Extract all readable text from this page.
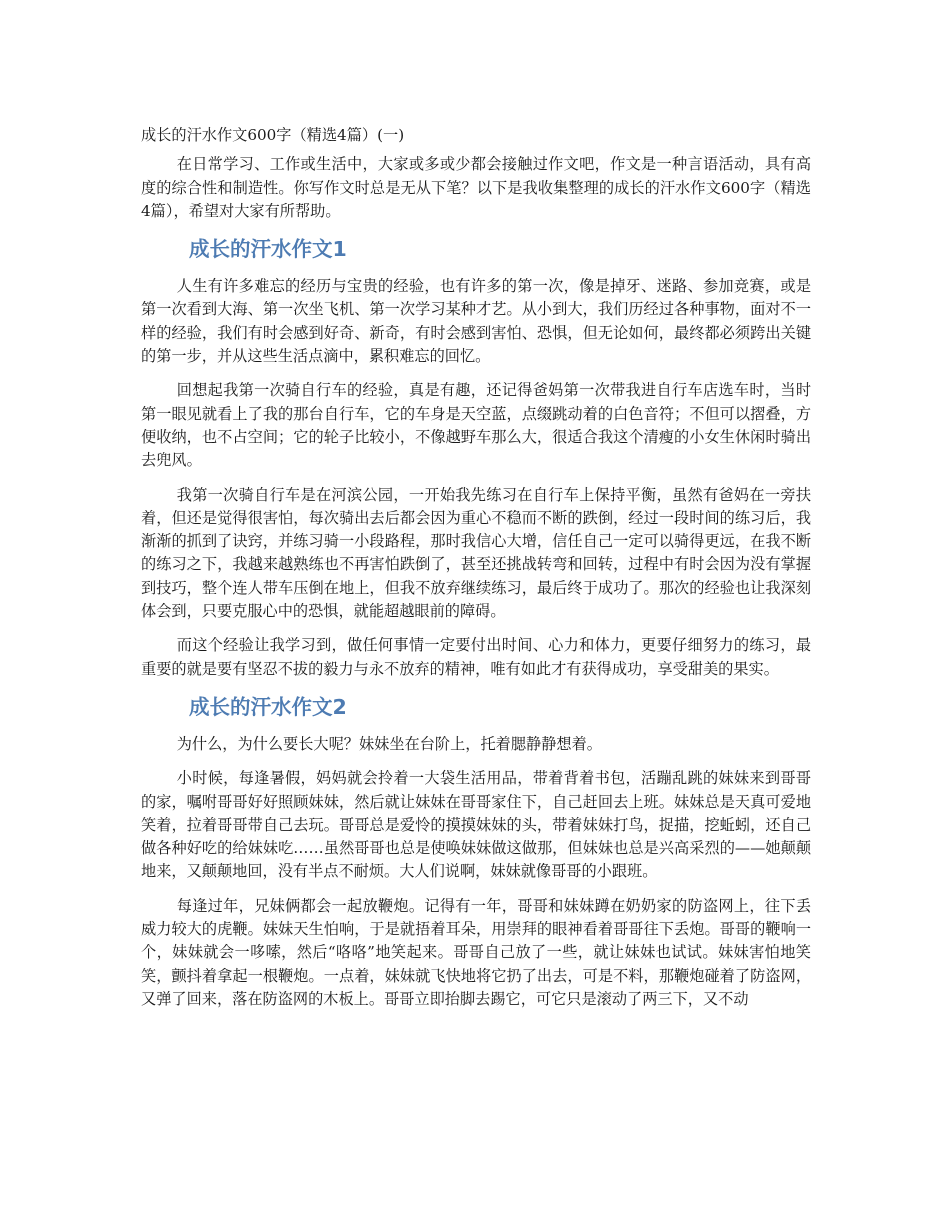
成长的汗水作文600字（精选4篇）(一)

在日常学习、工作或生活中，大家或多或少都会接触过作文吧，作文是一种言语活动，具有高度的综合性和制造性。你写作文时总是无从下笔？以下是我收集整理的成长的汗水作文600字（精选4篇），希望对大家有所帮助。

成长的汗水作文1

人生有许多难忘的经历与宝贵的经验，也有许多的第一次，像是掉牙、迷路、参加竞赛，或是第一次看到大海、第一次坐飞机、第一次学习某种才艺。从小到大，我们历经过各种事物，面对不一样的经验，我们有时会感到好奇、新奇，有时会感到害怕、恐惧，但无论如何，最终都必须跨出关键的第一步，并从这些生活点滴中，累积难忘的回忆。

回想起我第一次骑自行车的经验，真是有趣，还记得爸妈第一次带我进自行车店选车时，当时第一眼见就看上了我的那台自行车，它的车身是天空蓝，点缀跳动着的白色音符；不但可以摺叠，方便收纳，也不占空间；它的轮子比较小，不像越野车那么大，很适合我这个清瘦的小女生休闲时骑出去兜风。

我第一次骑自行车是在河滨公园，一开始我先练习在自行车上保持平衡，虽然有爸妈在一旁扶着，但还是觉得很害怕，每次骑出去后都会因为重心不稳而不断的跌倒，经过一段时间的练习后，我渐渐的抓到了诀窍，并练习骑一小段路程，那时我信心大增，信任自己一定可以骑得更远，在我不断的练习之下，我越来越熟练也不再害怕跌倒了，甚至还挑战转弯和回转，过程中有时会因为没有掌握到技巧，整个连人带车压倒在地上，但我不放弃继续练习，最后终于成功了。那次的经验也让我深刻体会到，只要克服心中的恐惧，就能超越眼前的障碍。

而这个经验让我学习到，做任何事情一定要付出时间、心力和体力，更要仔细努力的练习，最重要的就是要有坚忍不拔的毅力与永不放弃的精神，唯有如此才有获得成功，享受甜美的果实。

成长的汗水作文2

为什么，为什么要长大呢？妹妹坐在台阶上，托着腮静静想着。

小时候，每逢暑假，妈妈就会拎着一大袋生活用品，带着背着书包，活蹦乱跳的妹妹来到哥哥的家，嘱咐哥哥好好照顾妹妹，然后就让妹妹在哥哥家住下，自己赶回去上班。妹妹总是天真可爱地笑着，拉着哥哥带自己去玩。哥哥总是爱怜的摸摸妹妹的头，带着妹妹打鸟，捉描，挖蚯蚓，还自己做各种好吃的给妹妹吃……虽然哥哥也总是使唤妹妹做这做那，但妹妹也总是兴高采烈的——她颠颠地来，又颠颠地回，没有半点不耐烦。大人们说啊，妹妹就像哥哥的小跟班。

每逢过年，兄妹俩都会一起放鞭炮。记得有一年，哥哥和妹妹蹲在奶奶家的防盗网上，往下丢威力较大的虎鞭。妹妹天生怕响，于是就捂着耳朵，用崇拜的眼神看着哥哥往下丢炮。哥哥的鞭响一个，妹妹就会一哆嗦，然后“咯咯”地笑起来。哥哥自己放了一些，就让妹妹也试试。妹妹害怕地笑笑，颤抖着拿起一根鞭炮。一点着，妹妹就飞快地将它扔了出去，可是不料，那鞭炮碰着了防盗网，又弹了回来，落在防盗网的木板上。哥哥立即抬脚去踢它，可它只是滚动了两三下，又不动
